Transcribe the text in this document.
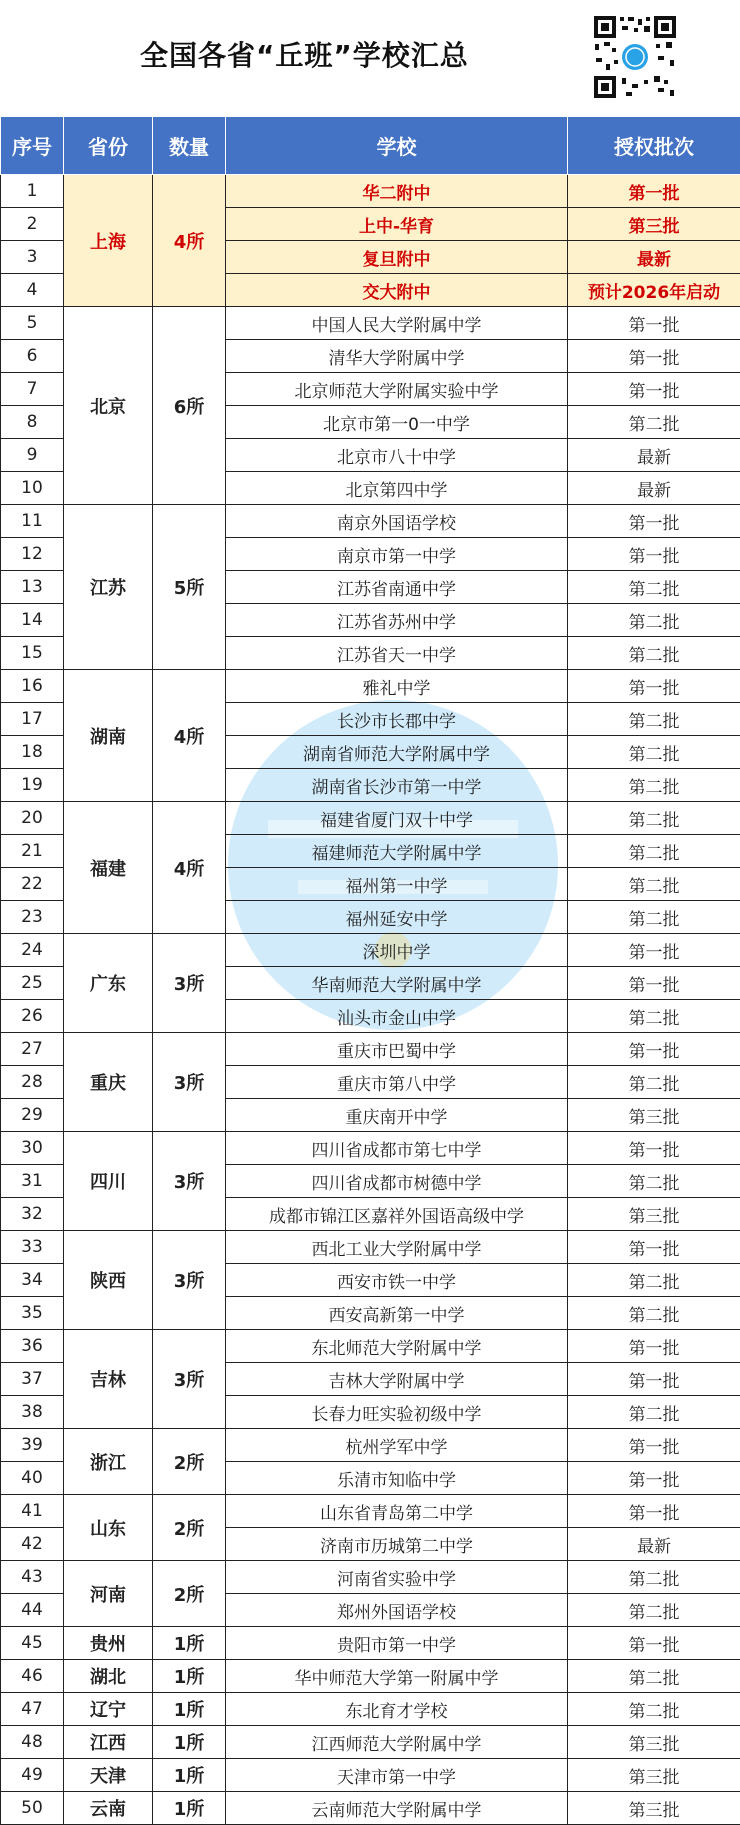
全国各省“丘班”学校汇总
序号	省份	数量	学校	授权批次
1	上海	4所	华二附中	第一批
2			上中-华育	第三批
3			复旦附中	最新
4			交大附中	预计2026年启动
5	北京	6所	中国人民大学附属中学	第一批
6			清华大学附属中学	第一批
7			北京师范大学附属实验中学	第一批
8			北京市第一0一中学	第二批
9			北京市八十中学	最新
10			北京第四中学	最新
11	江苏	5所	南京外国语学校	第一批
12			南京市第一中学	第一批
13			江苏省南通中学	第二批
14			江苏省苏州中学	第二批
15			江苏省天一中学	第二批
16	湖南	4所	雅礼中学	第一批
17			长沙市长郡中学	第二批
18			湖南省师范大学附属中学	第二批
19			湖南省长沙市第一中学	第二批
20	福建	4所	福建省厦门双十中学	第二批
21			福建师范大学附属中学	第二批
22			福州第一中学	第二批
23			福州延安中学	第二批
24	广东	3所	深圳中学	第一批
25			华南师范大学附属中学	第一批
26			汕头市金山中学	第二批
27	重庆	3所	重庆市巴蜀中学	第一批
28			重庆市第八中学	第二批
29			重庆南开中学	第三批
30	四川	3所	四川省成都市第七中学	第一批
31			四川省成都市树德中学	第二批
32			成都市锦江区嘉祥外国语高级中学	第三批
33	陕西	3所	西北工业大学附属中学	第一批
34			西安市铁一中学	第二批
35			西安高新第一中学	第二批
36	吉林	3所	东北师范大学附属中学	第一批
37			吉林大学附属中学	第一批
38			长春力旺实验初级中学	第二批
39	浙江	2所	杭州学军中学	第一批
40			乐清市知临中学	第一批
41	山东	2所	山东省青岛第二中学	第一批
42			济南市历城第二中学	最新
43	河南	2所	河南省实验中学	第二批
44			郑州外国语学校	第二批
45	贵州	1所	贵阳市第一中学	第一批
46	湖北	1所	华中师范大学第一附属中学	第二批
47	辽宁	1所	东北育才学校	第二批
48	江西	1所	江西师范大学附属中学	第三批
49	天津	1所	天津市第一中学	第三批
50	云南	1所	云南师范大学附属中学	第三批
